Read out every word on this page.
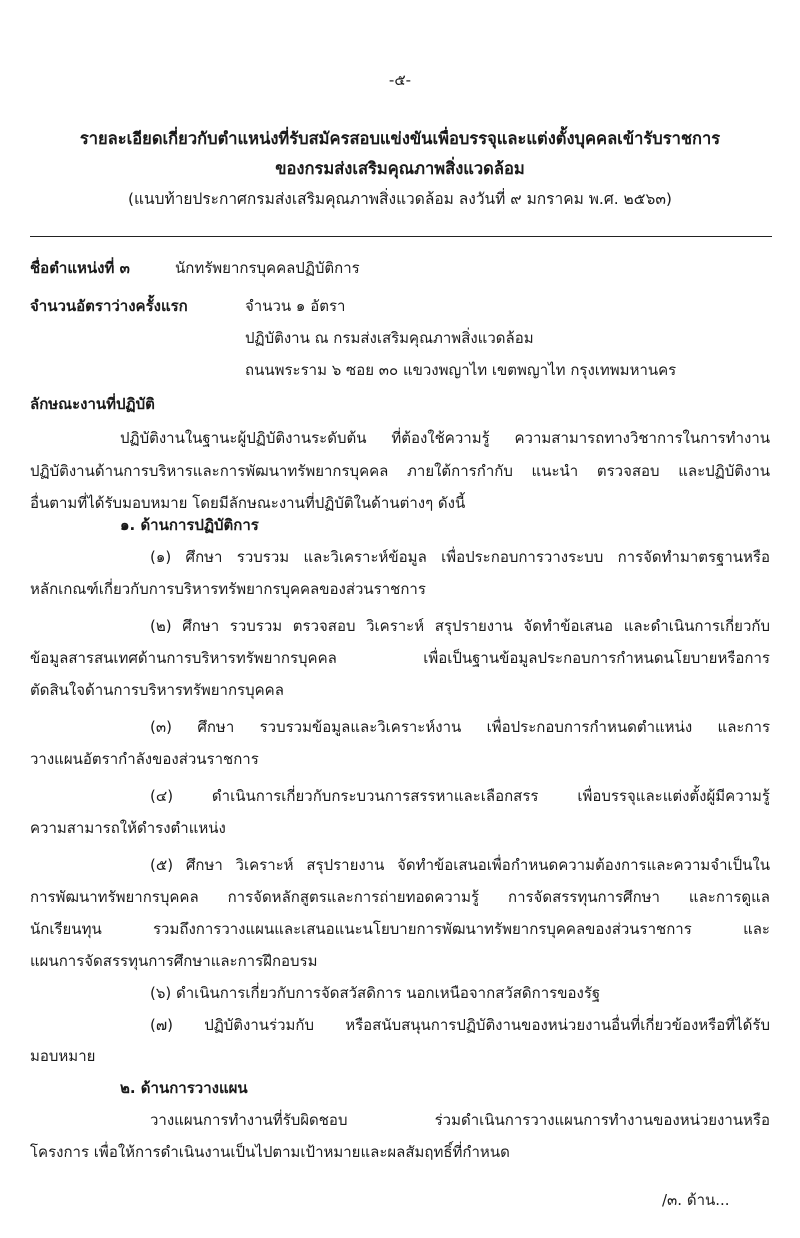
-๕-
รายละเอียดเกี่ยวกับตำแหน่งที่รับสมัครสอบแข่งขันเพื่อบรรจุและแต่งตั้งบุคคลเข้ารับราชการ
ของกรมส่งเสริมคุณภาพสิ่งแวดล้อม
(แนบท้ายประกาศกรมส่งเสริมคุณภาพสิ่งแวดล้อม ลงวันที่ ๙ มกราคม พ.ศ. ๒๕๖๓)
ชื่อตำแหน่งที่ ๓	นักทรัพยากรบุคคลปฏิบัติการ
จำนวนอัตราว่างครั้งแรก	จำนวน ๑ อัตรา
ปฏิบัติงาน ณ กรมส่งเสริมคุณภาพสิ่งแวดล้อม
ถนนพระราม ๖ ซอย ๓๐ แขวงพญาไท เขตพญาไท กรุงเทพมหานคร
ลักษณะงานที่ปฏิบัติ
ปฏิบัติงานในฐานะผู้ปฏิบัติงานระดับต้น ที่ต้องใช้ความรู้ ความสามารถทางวิชาการในการทำงาน
ปฏิบัติงานด้านการบริหารและการพัฒนาทรัพยากรบุคคล ภายใต้การกำกับ แนะนำ ตรวจสอบ และปฏิบัติงาน
อื่นตามที่ได้รับมอบหมาย โดยมีลักษณะงานที่ปฏิบัติในด้านต่างๆ ดังนี้
๑. ด้านการปฏิบัติการ
(๑) ศึกษา รวบรวม และวิเคราะห์ข้อมูล เพื่อประกอบการวางระบบ การจัดทำมาตรฐานหรือ
หลักเกณฑ์เกี่ยวกับการบริหารทรัพยากรบุคคลของส่วนราชการ
(๒) ศึกษา รวบรวม ตรวจสอบ วิเคราะห์ สรุปรายงาน จัดทำข้อเสนอ และดำเนินการเกี่ยวกับ
ข้อมูลสารสนเทศด้านการบริหารทรัพยากรบุคคล เพื่อเป็นฐานข้อมูลประกอบการกำหนดนโยบายหรือการ
ตัดสินใจด้านการบริหารทรัพยากรบุคคล
(๓) ศึกษา รวบรวมข้อมูลและวิเคราะห์งาน เพื่อประกอบการกำหนดตำแหน่ง และการ
วางแผนอัตรากำลังของส่วนราชการ
(๔) ดำเนินการเกี่ยวกับกระบวนการสรรหาและเลือกสรร เพื่อบรรจุและแต่งตั้งผู้มีความรู้
ความสามารถให้ดำรงตำแหน่ง
(๕) ศึกษา วิเคราะห์ สรุปรายงาน จัดทำข้อเสนอเพื่อกำหนดความต้องการและความจำเป็นใน
การพัฒนาทรัพยากรบุคคล การจัดหลักสูตรและการถ่ายทอดความรู้ การจัดสรรทุนการศึกษา และการดูแล
นักเรียนทุน รวมถึงการวางแผนและเสนอแนะนโยบายการพัฒนาทรัพยากรบุคคลของส่วนราชการ และ
แผนการจัดสรรทุนการศึกษาและการฝึกอบรม
(๖) ดำเนินการเกี่ยวกับการจัดสวัสดิการ นอกเหนือจากสวัสดิการของรัฐ
(๗) ปฏิบัติงานร่วมกับ หรือสนับสนุนการปฏิบัติงานของหน่วยงานอื่นที่เกี่ยวข้องหรือที่ได้รับ
มอบหมาย
๒. ด้านการวางแผน
วางแผนการทำงานที่รับผิดชอบ ร่วมดำเนินการวางแผนการทำงานของหน่วยงานหรือ
โครงการ เพื่อให้การดำเนินงานเป็นไปตามเป้าหมายและผลสัมฤทธิ์ที่กำหนด
/๓. ด้าน...
